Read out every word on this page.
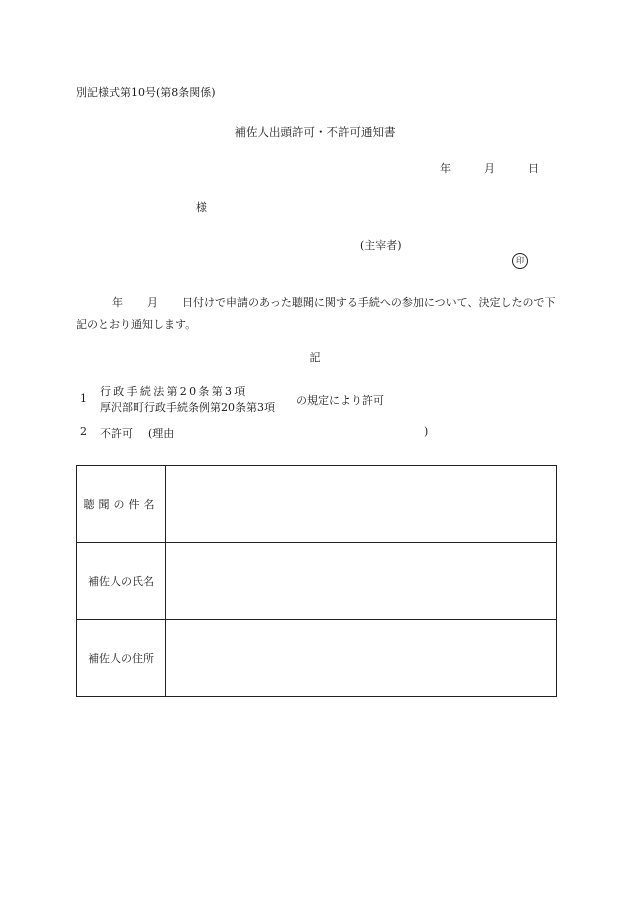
別記様式第10号(第8条関係)
補佐人出頭許可・不許可通知書
年	月	日
様
(主宰者)
印
年 月 日付けで申請のあった聴聞に関する手続への参加について、決定したので下記のとおり通知します。
記
1
行政手続法第20条第3項
厚沢部町行政手続条例第20条第3項
の規定により許可
2 不許可 (理由	)
聴聞の件名	
補佐人の氏名	
補佐人の住所	
